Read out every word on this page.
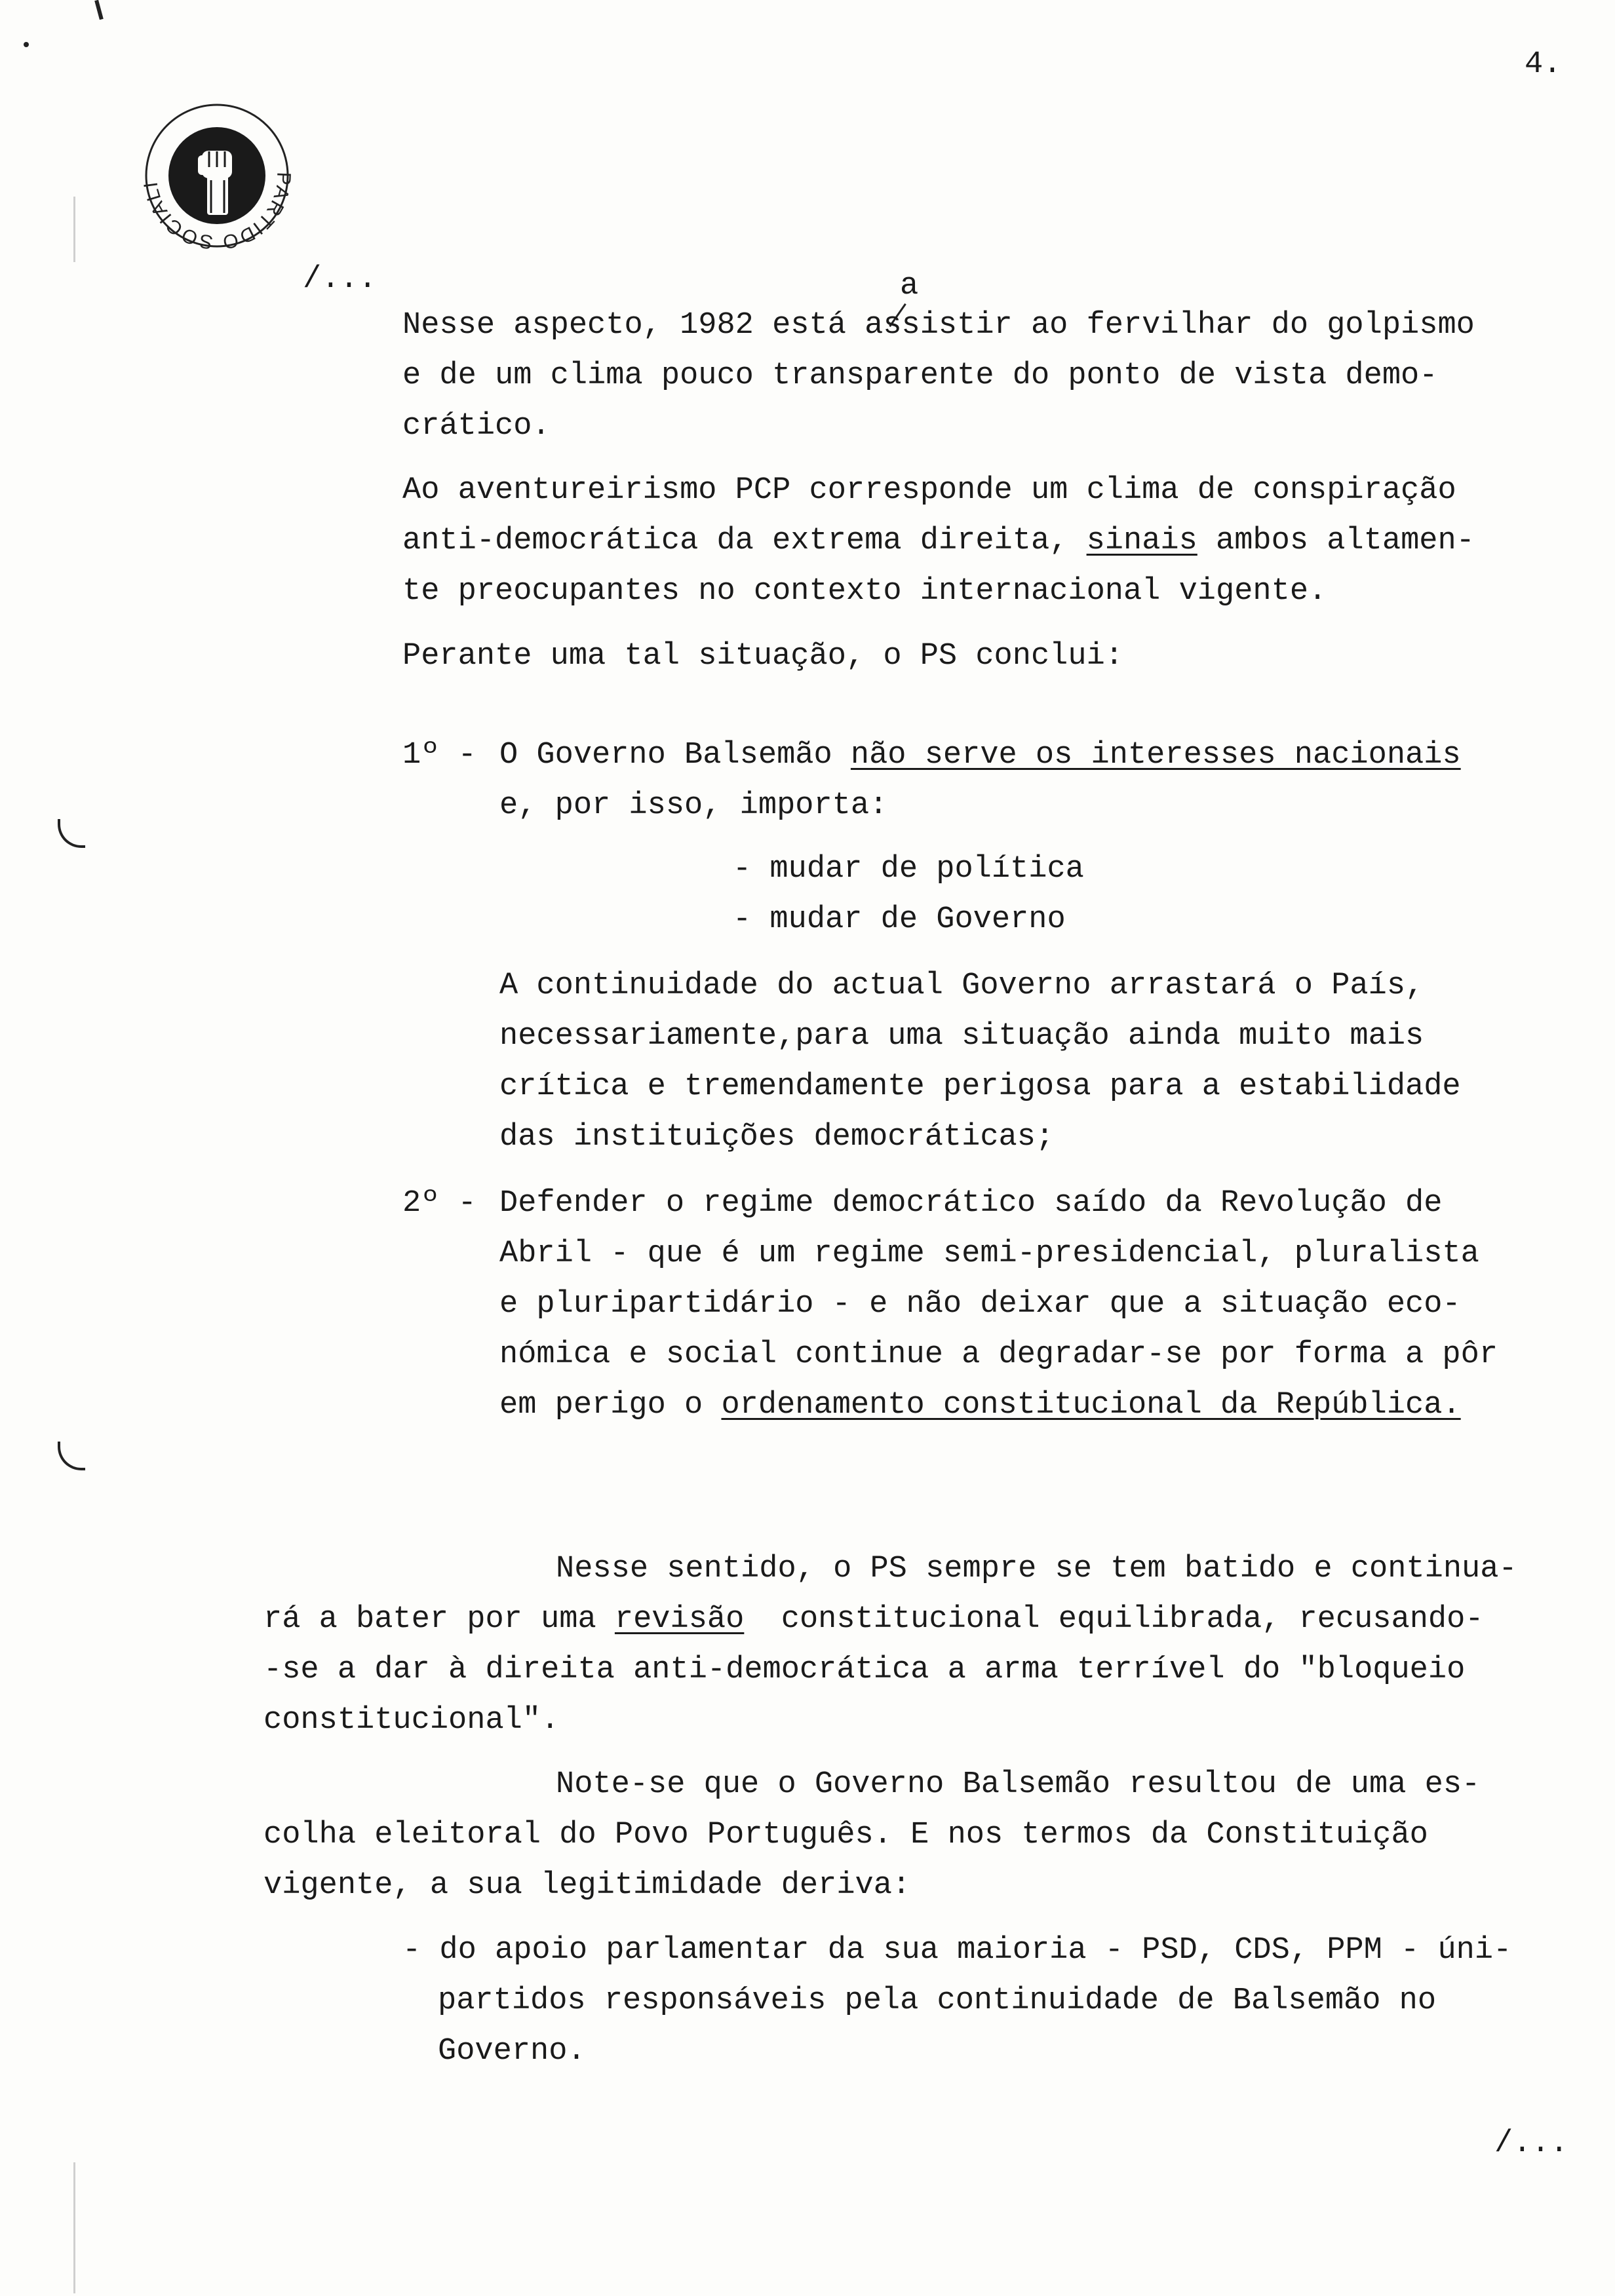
4.
ARTIDO SOCIAL
/...	a
Nesse aspecto, 1982 está assistir ao fervilhar do golpismo
e de um clima pouco transparente do ponto de vista demo-
crático.
Ao aventureirismo PCP corresponde um clima de conspiração
anti-democrática da extrema direita, sinais ambos altamen-
te preocupantes no contexto internacional vigente.
Perante uma tal situação, o PS conclui:
1º - O Governo Balsemão não serve os interesses nacionais
e, por isso, importa:
- mudar de política
- mudar de Governo
A continuidade do actual Governo arrastará o País,
necessariamente,para uma situação ainda muito mais
crítica e tremendamente perigosa para a estabilidade
das instituições democráticas;
2º - Defender o regime democrático saído da Revolução de
Abril - que é um regime semi-presidencial, pluralista
e pluripartidário - e não deixar que a situação eco-
nómica e social continue a degradar-se por forma a pôr
em perigo o ordenamento constitucional da República.
Nesse sentido, o PS sempre se tem batido e continua-
rá a bater por uma revisão  constitucional equilibrada, recusando-
-se a dar à direita anti-democrática a arma terrível do "bloqueio
constitucional".
Note-se que o Governo Balsemão resultou de uma es-
colha eleitoral do Povo Português. E nos termos da Constituição
vigente, a sua legitimidade deriva:
- do apoio parlamentar da sua maioria - PSD, CDS, PPM - úni-
partidos responsáveis pela continuidade de Balsemão no
Governo.
/...
